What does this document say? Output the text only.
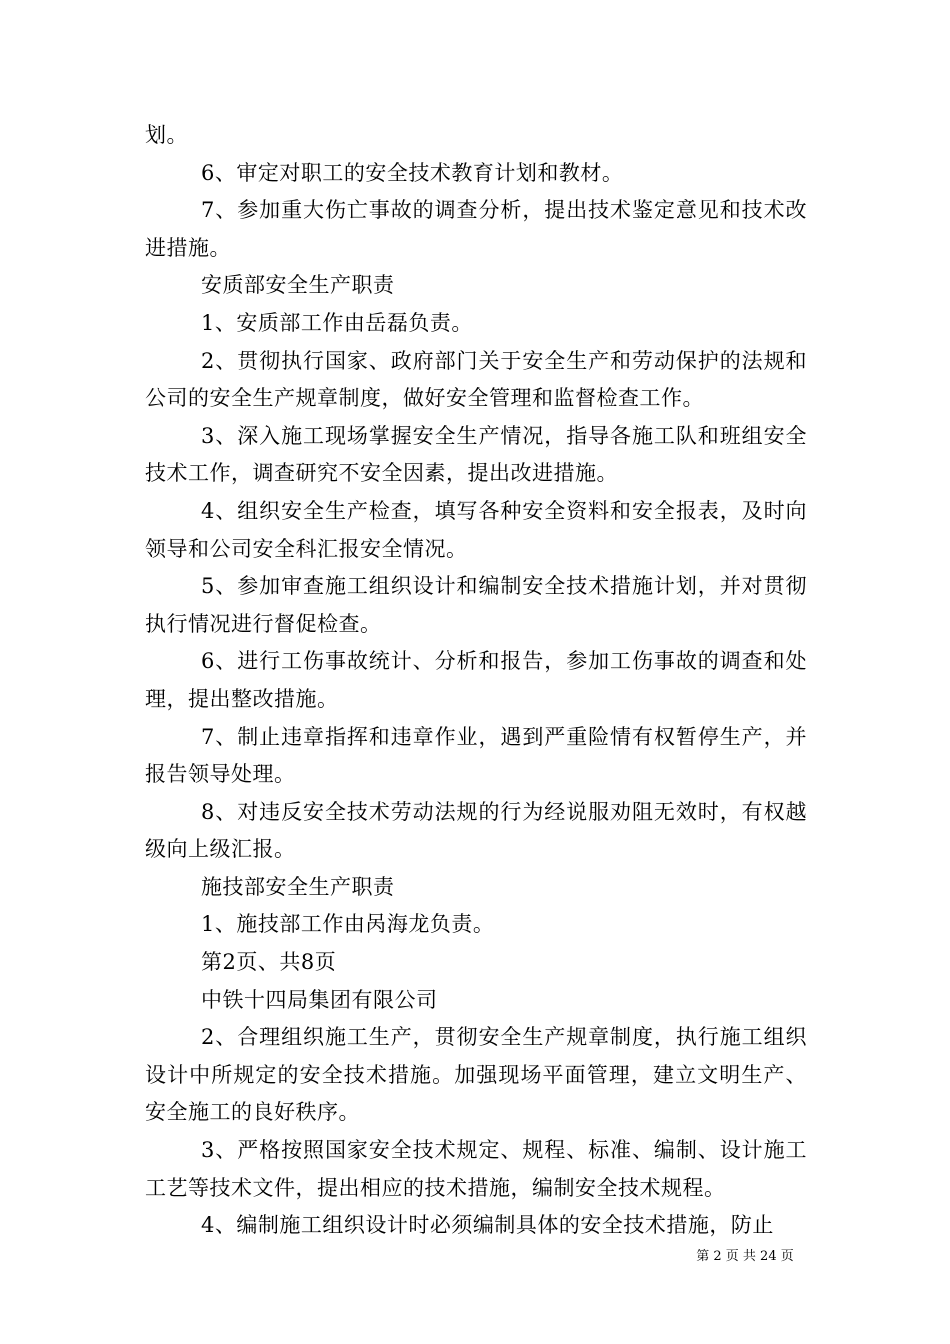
划。

6、审定对职工的安全技术教育计划和教材。

7、参加重大伤亡事故的调查分析，提出技术鉴定意见和技术改进措施。

安质部安全生产职责

1、安质部工作由岳磊负责。

2、贯彻执行国家、政府部门关于安全生产和劳动保护的法规和公司的安全生产规章制度，做好安全管理和监督检查工作。

3、深入施工现场掌握安全生产情况，指导各施工队和班组安全技术工作，调查研究不安全因素，提出改进措施。

4、组织安全生产检查，填写各种安全资料和安全报表，及时向领导和公司安全科汇报安全情况。

5、参加审查施工组织设计和编制安全技术措施计划，并对贯彻执行情况进行督促检查。

6、进行工伤事故统计、分析和报告，参加工伤事故的调查和处理，提出整改措施。

7、制止违章指挥和违章作业，遇到严重险情有权暂停生产，并报告领导处理。

8、对违反安全技术劳动法规的行为经说服劝阻无效时，有权越级向上级汇报。

施技部安全生产职责

1、施技部工作由呙海龙负责。

第2页、共8页

中铁十四局集团有限公司

2、合理组织施工生产，贯彻安全生产规章制度，执行施工组织设计中所规定的安全技术措施。加强现场平面管理，建立文明生产、安全施工的良好秩序。

3、严格按照国家安全技术规定、规程、标准、编制、设计施工工艺等技术文件，提出相应的技术措施，编制安全技术规程。

4、编制施工组织设计时必须编制具体的安全技术措施，防止

第 2 页 共 24 页
